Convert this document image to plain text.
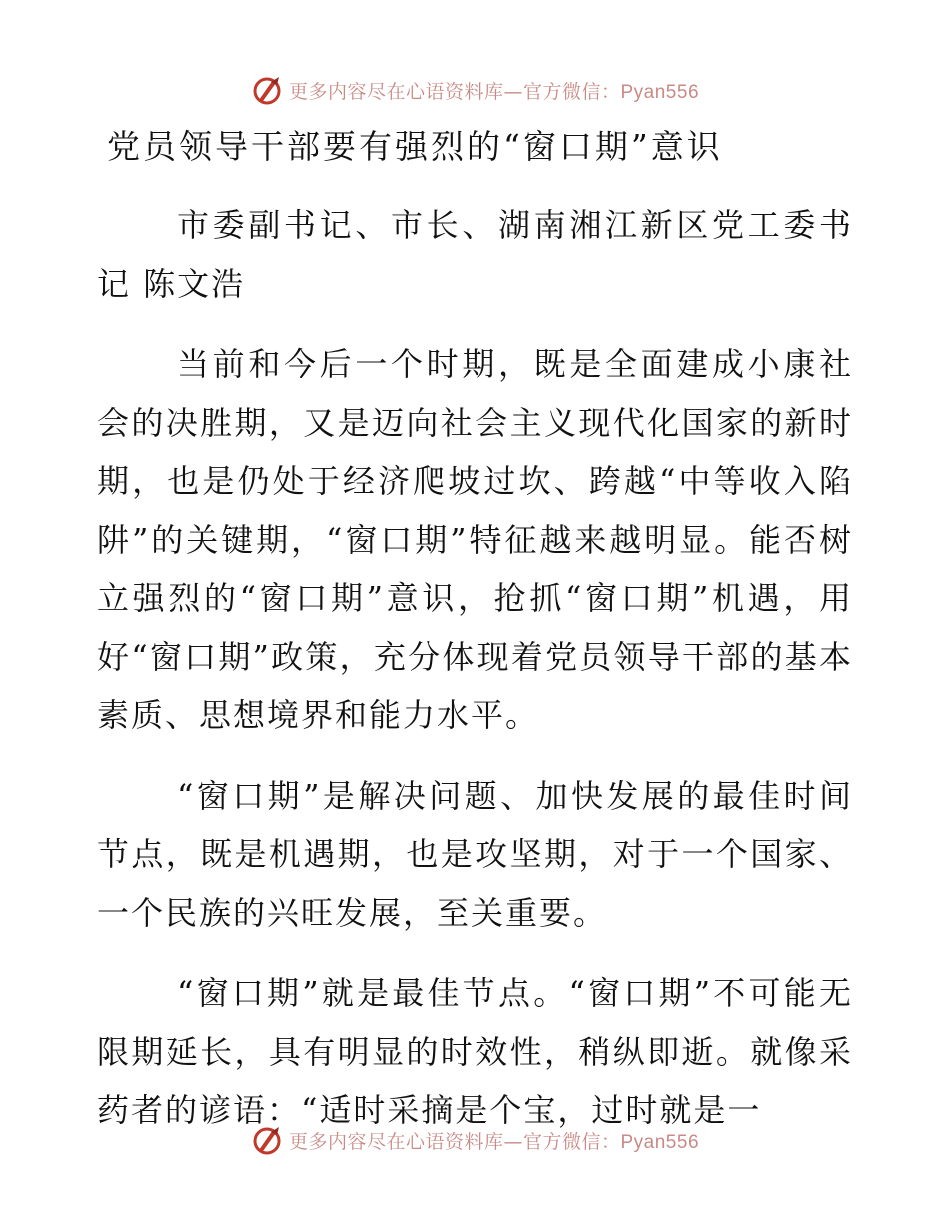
更多内容尽在心语资料库—官方微信：Pyan556
党员领导干部要有强烈的“窗口期”意识

市委副书记、市长、湖南湘江新区党工委书记 陈文浩

当前和今后一个时期，既是全面建成小康社会的决胜期，又是迈向社会主义现代化国家的新时期，也是仍处于经济爬坡过坎、跨越“中等收入陷阱”的关键期，“窗口期”特征越来越明显。能否树立强烈的“窗口期”意识，抢抓“窗口期”机遇，用好“窗口期”政策，充分体现着党员领导干部的基本素质、思想境界和能力水平。

“窗口期”是解决问题、加快发展的最佳时间节点，既是机遇期，也是攻坚期，对于一个国家、一个民族的兴旺发展，至关重要。

“窗口期”就是最佳节点。“窗口期”不可能无限期延长，具有明显的时效性，稍纵即逝。就像采药者的谚语：“适时采摘是个宝，过时就是一

更多内容尽在心语资料库—官方微信：Pyan556
